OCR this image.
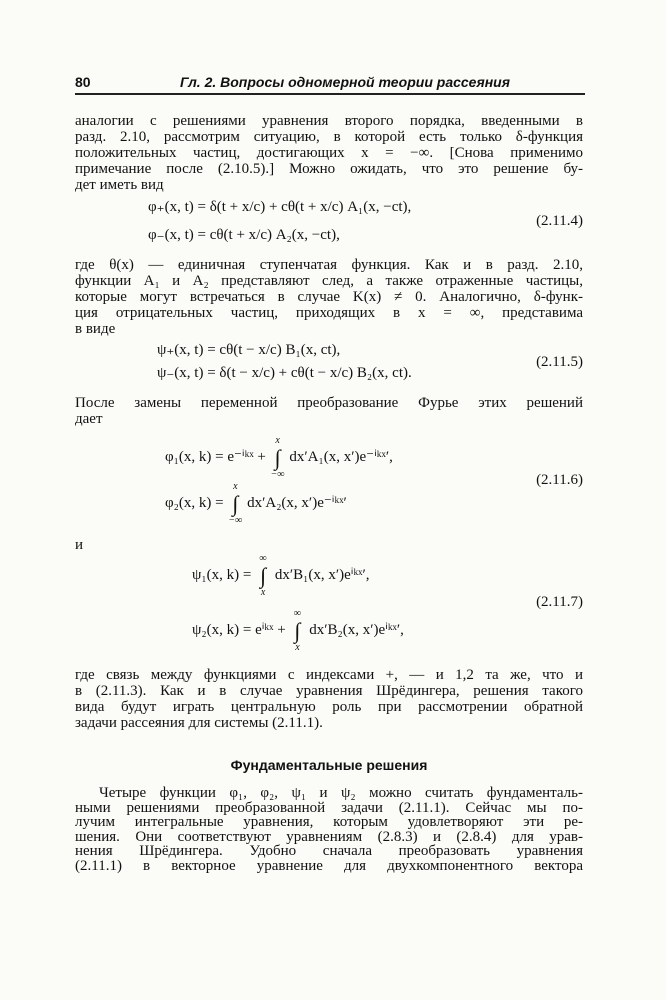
80	Гл. 2. Вопросы одномерной теории рассеяния
аналогии с решениями уравнения второго порядка, введенными в
разд. 2.10, рассмотрим ситуацию, в которой есть только δ-функция
положительных частиц, достигающих x = −∞. [Снова применимо
примечание после (2.10.5).] Можно ожидать, что это решение бу-
дет иметь вид
φ₊(x, t) = δ(t + x/c) + cθ(t + x/c) A₁(x, −ct),
φ₋(x, t) = cθ(t + x/c) A₂(x, −ct),
(2.11.4)
где θ(x) — единичная ступенчатая функция. Как и в разд. 2.10,
функции A₁ и A₂ представляют след, а также отраженные частицы,
которые могут встречаться в случае K(x) ≠ 0. Аналогично, δ-функ-
ция отрицательных частиц, приходящих в x = ∞, представима
в виде
ψ₊(x, t) = cθ(t − x/c) B₁(x, ct),
ψ₋(x, t) = δ(t − x/c) + cθ(t − x/c) B₂(x, ct).
(2.11.5)
После замены переменной преобразование Фурье этих решений
дает
φ₁(x, k) = e⁻ⁱᵏˣ + ∫
x
−∞
dx′A₁(x, x′)e⁻ⁱᵏˣ′,
φ₂(x, k) = ∫
x
−∞
dx′A₂(x, x′)e⁻ⁱᵏˣ′
(2.11.6)
и
ψ₁(x, k) = ∫
∞
x
dx′B₁(x, x′)eⁱᵏˣ′,
ψ₂(x, k) = eⁱᵏˣ + ∫
∞
x
dx′B₂(x, x′)eⁱᵏˣ′,
(2.11.7)
где связь между функциями с индексами +, — и 1,2 та же, что и
в (2.11.3). Как и в случае уравнения Шрёдингера, решения такого
вида будут играть центральную роль при рассмотрении обратной
задачи рассеяния для системы (2.11.1).
Фундаментальные решения
Четыре функции φ₁, φ₂, ψ₁ и ψ₂ можно считать фундаменталь-
ными решениями преобразованной задачи (2.11.1). Сейчас мы по-
лучим интегральные уравнения, которым удовлетворяют эти ре-
шения. Они соответствуют уравнениям (2.8.3) и (2.8.4) для урав-
нения Шрёдингера. Удобно сначала преобразовать уравнения
(2.11.1) в векторное уравнение для двухкомпонентного вектора
